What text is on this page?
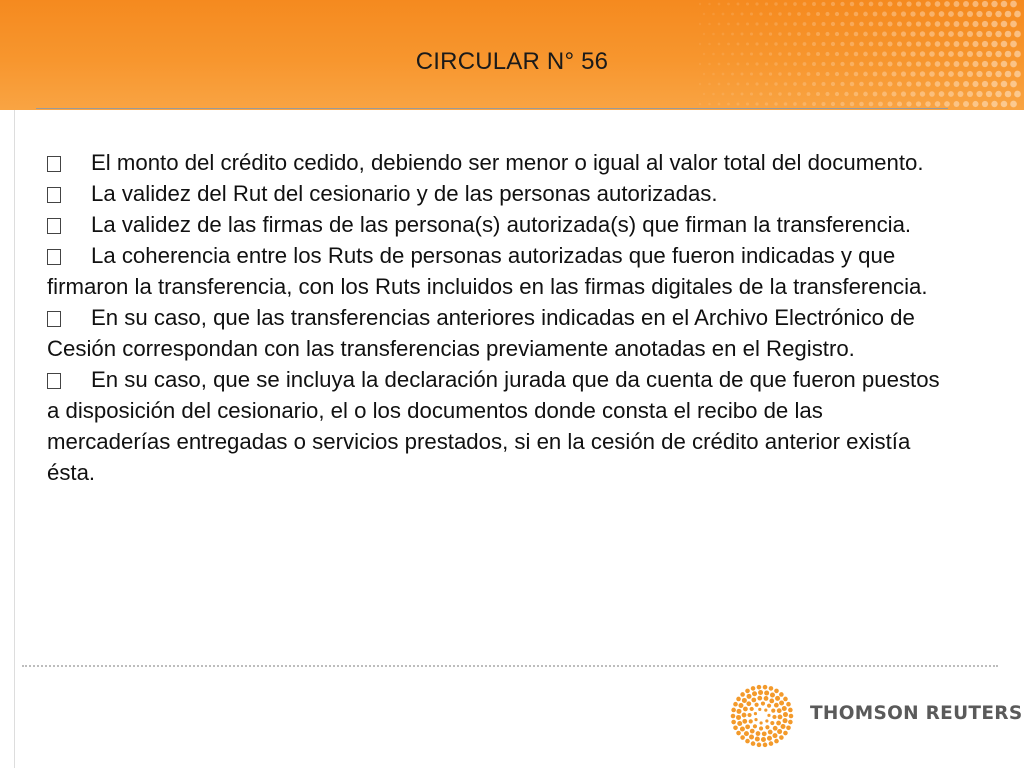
CIRCULAR N° 56

El monto del crédito cedido, debiendo ser menor o igual al valor total del documento.

La validez del Rut del cesionario y de las personas autorizadas.

La validez de las firmas de las persona(s) autorizada(s) que firman la transferencia.

La coherencia entre los Ruts de personas autorizadas que fueron indicadas y que firmaron la transferencia, con los Ruts incluidos en las firmas digitales de la transferencia.

En su caso, que las transferencias anteriores indicadas en el Archivo Electrónico de Cesión correspondan con las transferencias previamente anotadas en el Registro.

En su caso, que se incluya la declaración jurada que da cuenta de que fueron puestos a disposición del cesionario, el o los documentos donde consta el recibo de las mercaderías entregadas o servicios prestados, si en la cesión de crédito anterior existía ésta.

THOMSON REUTERS
